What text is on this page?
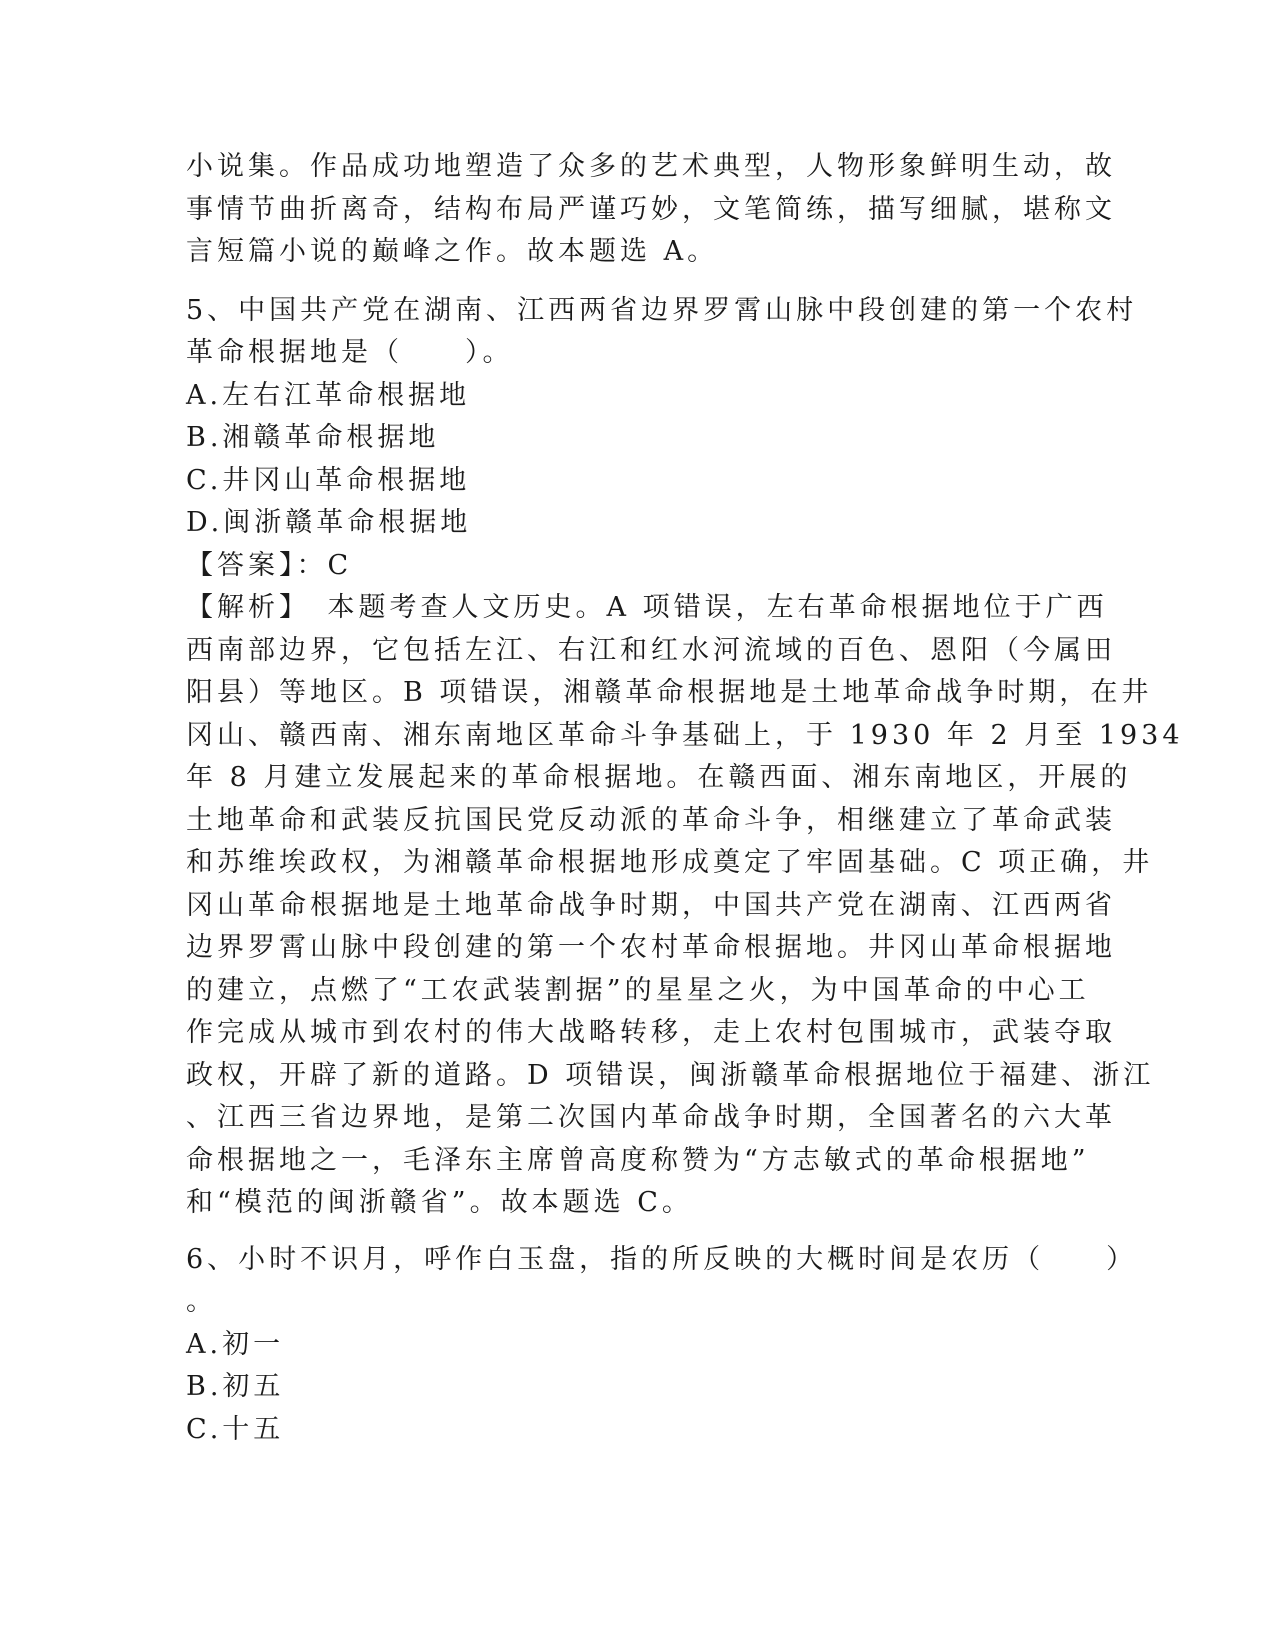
小说集。作品成功地塑造了众多的艺术典型，人物形象鲜明生动，故
事情节曲折离奇，结构布局严谨巧妙，文笔简练，描写细腻，堪称文
言短篇小说的巅峰之作。故本题选 A。
5、中国共产党在湖南、江西两省边界罗霄山脉中段创建的第一个农村
革命根据地是（　　）。
A.左右江革命根据地
B.湘赣革命根据地
C.井冈山革命根据地
D.闽浙赣革命根据地
【答案】：C
【解析】　本题考查人文历史。A 项错误，左右革命根据地位于广西
西南部边界，它包括左江、右江和红水河流域的百色、恩阳（今属田
阳县）等地区。B 项错误，湘赣革命根据地是土地革命战争时期，在井
冈山、赣西南、湘东南地区革命斗争基础上，于 1930 年 2 月至 1934
年 8 月建立发展起来的革命根据地。在赣西面、湘东南地区，开展的
土地革命和武装反抗国民党反动派的革命斗争，相继建立了革命武装
和苏维埃政权，为湘赣革命根据地形成奠定了牢固基础。C 项正确，井
冈山革命根据地是土地革命战争时期，中国共产党在湖南、江西两省
边界罗霄山脉中段创建的第一个农村革命根据地。井冈山革命根据地
的建立，点燃了“工农武装割据”的星星之火，为中国革命的中心工
作完成从城市到农村的伟大战略转移，走上农村包围城市，武装夺取
政权，开辟了新的道路。D 项错误，闽浙赣革命根据地位于福建、浙江
、江西三省边界地，是第二次国内革命战争时期，全国著名的六大革
命根据地之一，毛泽东主席曾高度称赞为“方志敏式的革命根据地”
和“模范的闽浙赣省”。故本题选 C。
6、小时不识月，呼作白玉盘，指的所反映的大概时间是农历（　　）
。
A.初一
B.初五
C.十五
